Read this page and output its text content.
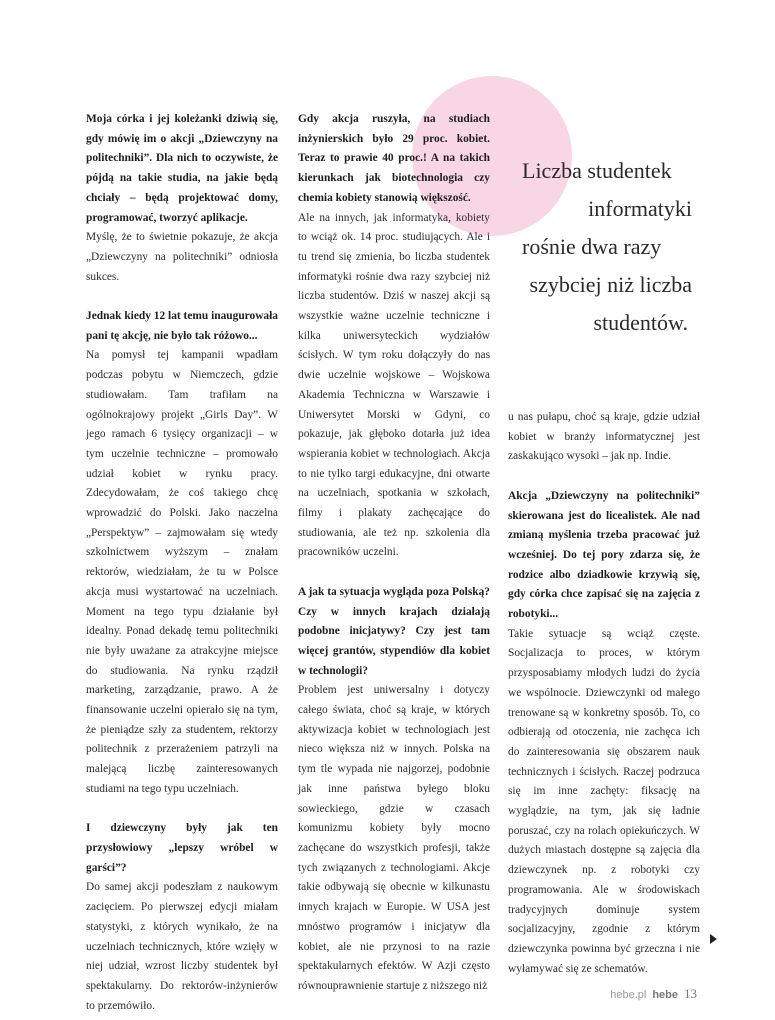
Moja córka i jej koleżanki dziwią się, gdy mówię im o akcji „Dziewczyny na politechniki”. Dla nich to oczywiste, że pójdą na takie studia, na jakie będą chciały – będą projektować domy, programować, tworzyć aplikacje.

Myślę, że to świetnie pokazuje, że akcja „Dziewczyny na politechniki” odniosła sukces.

Jednak kiedy 12 lat temu inaugurowała pani tę akcję, nie było tak różowo...

Na pomysł tej kampanii wpadłam podczas pobytu w Niemczech, gdzie studiowałam. Tam trafiłam na ogólnokrajowy projekt „Girls Day”. W jego ramach 6 tysięcy organizacji – w tym uczelnie techniczne – promowało udział kobiet w rynku pracy. Zdecydowałam, że coś takiego chcę wprowadzić do Polski. Jako naczelna „Perspektyw” – zajmowałam się wtedy szkolnictwem wyższym – znałam rektorów, wiedziałam, że tu w Polsce akcja musi wystartować na uczelniach. Moment na tego typu działanie był idealny. Ponad dekadę temu politechniki nie były uważane za atrakcyjne miejsce do studiowania. Na rynku rządził marketing, zarządzanie, prawo. A że finansowanie uczelni opierało się na tym, że pieniądze szły za studentem, rektorzy politechnik z przerażeniem patrzyli na malejącą liczbę zainteresowanych studiami na tego typu uczelniach.

I dziewczyny były jak ten przysłowiowy „lepszy wróbel w garści”?

Do samej akcji podeszłam z naukowym zacięciem. Po pierwszej edycji miałam statystyki, z których wynikało, że na uczelniach technicznych, które wzięły w niej udział, wzrost liczby studentek był spektakularny. Do rektorów-inżynierów to przemówiło.

Gdy akcja ruszyła, na studiach inżynierskich było 29 proc. kobiet. Teraz to prawie 40 proc.! A na takich kierunkach jak biotechnologia czy chemia kobiety stanowią większość.

Ale na innych, jak informatyka, kobiety to wciąż ok. 14 proc. studiujących. Ale i tu trend się zmienia, bo liczba studentek informatyki rośnie dwa razy szybciej niż liczba studentów. Dziś w naszej akcji są wszystkie ważne uczelnie techniczne i kilka uniwersyteckich wydziałów ścisłych. W tym roku dołączyły do nas dwie uczelnie wojskowe – Wojskowa Akademia Techniczna w Warszawie i Uniwersytet Morski w Gdyni, co pokazuje, jak głęboko dotarła już idea wspierania kobiet w technologiach. Akcja to nie tylko targi edukacyjne, dni otwarte na uczelniach, spotkania w szkołach, filmy i plakaty zachęcające do studiowania, ale też np. szkolenia dla pracowników uczelni.

A jak ta sytuacja wygląda poza Polską? Czy w innych krajach działają podobne inicjatywy? Czy jest tam więcej grantów, stypendiów dla kobiet w technologii?

Problem jest uniwersalny i dotyczy całego świata, choć są kraje, w których aktywizacja kobiet w technologiach jest nieco większa niż w innych. Polska na tym tle wypada nie najgorzej, podobnie jak inne państwa byłego bloku sowieckiego, gdzie w czasach komunizmu kobiety były mocno zachęcane do wszystkich profesji, także tych związanych z technologiami. Akcje takie odbywają się obecnie w kilkunastu innych krajach w Europie. W USA jest mnóstwo programów i inicjatyw dla kobiet, ale nie przynosi to na razie spektakularnych efektów. W Azji często równouprawnienie startuje z niższego niż

Liczba studentek
informatyki
rośnie dwa razy
szybciej niż liczba
studentów.

u nas pułapu, choć są kraje, gdzie udział kobiet w branży informatycznej jest zaskakująco wysoki – jak np. Indie.

Akcja „Dziewczyny na politechniki” skierowana jest do licealistek. Ale nad zmianą myślenia trzeba pracować już wcześniej. Do tej pory zdarza się, że rodzice albo dziadkowie krzywią się, gdy córka chce zapisać się na zajęcia z robotyki...

Takie sytuacje są wciąż częste. Socjalizacja to proces, w którym przysposabiamy młodych ludzi do życia we wspólnocie. Dziewczynki od małego trenowane są w konkretny sposób. To, co odbierają od otoczenia, nie zachęca ich do zainteresowania się obszarem nauk technicznych i ścisłych. Raczej podrzuca się im inne zachęty: fiksację na wyglądzie, na tym, jak się ładnie poruszać, czy na rolach opiekuńczych. W dużych miastach dostępne są zajęcia dla dziewczynek np. z robotyki czy programowania. Ale w środowiskach tradycyjnych dominuje system socjalizacyjny, zgodnie z którym dziewczynka powinna być grzeczna i nie wyłamywać się ze schematów.

hebe.pl hebe 13
